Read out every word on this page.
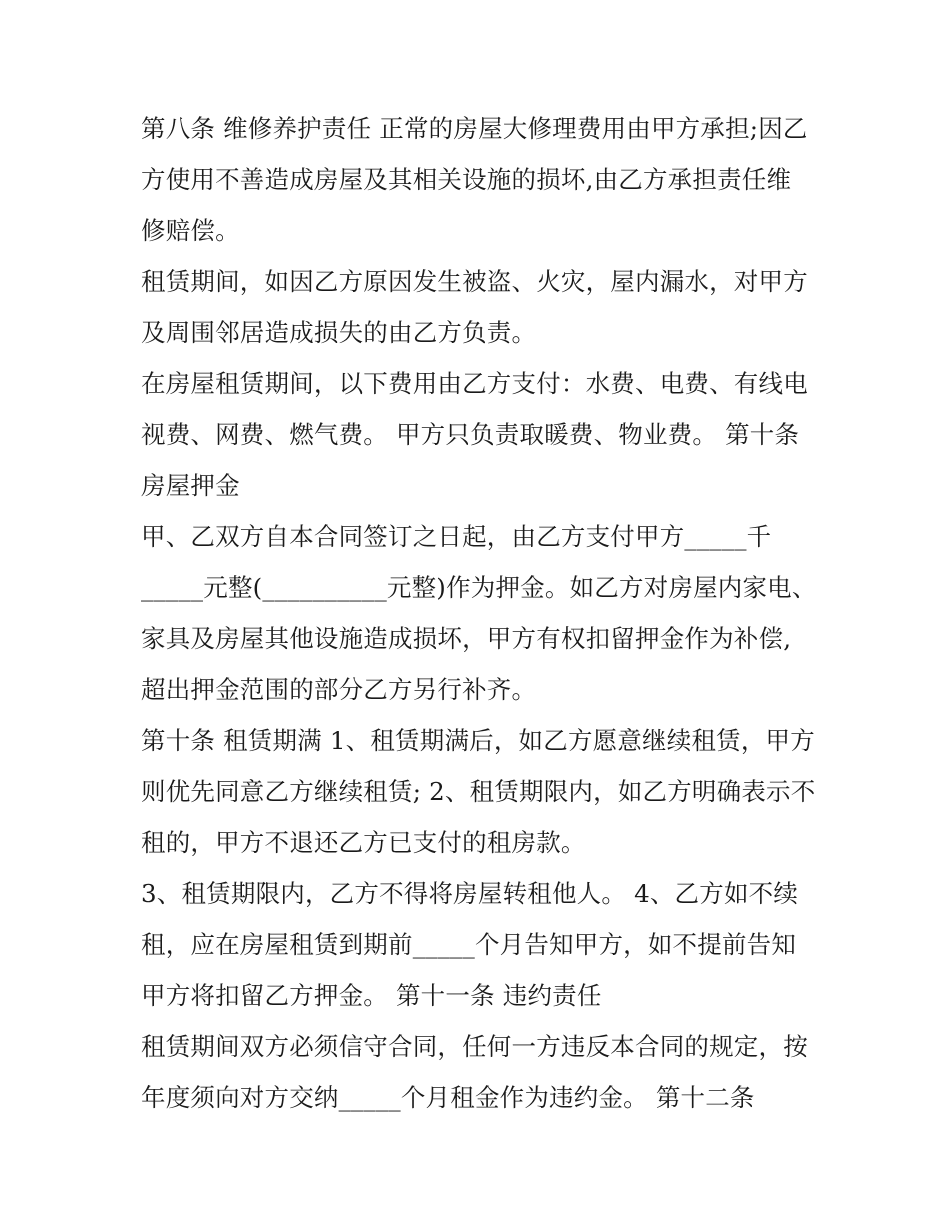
第八条 维修养护责任 正常的房屋大修理费用由甲方承担;因乙
方使用不善造成房屋及其相关设施的损坏,由乙方承担责任维
修赔偿。
租赁期间，如因乙方原因发生被盗、火灾，屋内漏水，对甲方
及周围邻居造成损失的由乙方负责。
在房屋租赁期间，以下费用由乙方支付：水费、电费、有线电
视费、网费、燃气费。 甲方只负责取暖费、物业费。 第十条
房屋押金
甲、乙双方自本合同签订之日起，由乙方支付甲方_____千
_____元整(__________元整)作为押金。如乙方对房屋内家电、
家具及房屋其他设施造成损坏，甲方有权扣留押金作为补偿,
超出押金范围的部分乙方另行补齐。
第十条 租赁期满 1、租赁期满后，如乙方愿意继续租赁，甲方
则优先同意乙方继续租赁; 2、租赁期限内，如乙方明确表示不
租的，甲方不退还乙方已支付的租房款。
3、租赁期限内，乙方不得将房屋转租他人。 4、乙方如不续
租，应在房屋租赁到期前_____个月告知甲方，如不提前告知
甲方将扣留乙方押金。 第十一条 违约责任
租赁期间双方必须信守合同，任何一方违反本合同的规定，按
年度须向对方交纳_____个月租金作为违约金。 第十二条
